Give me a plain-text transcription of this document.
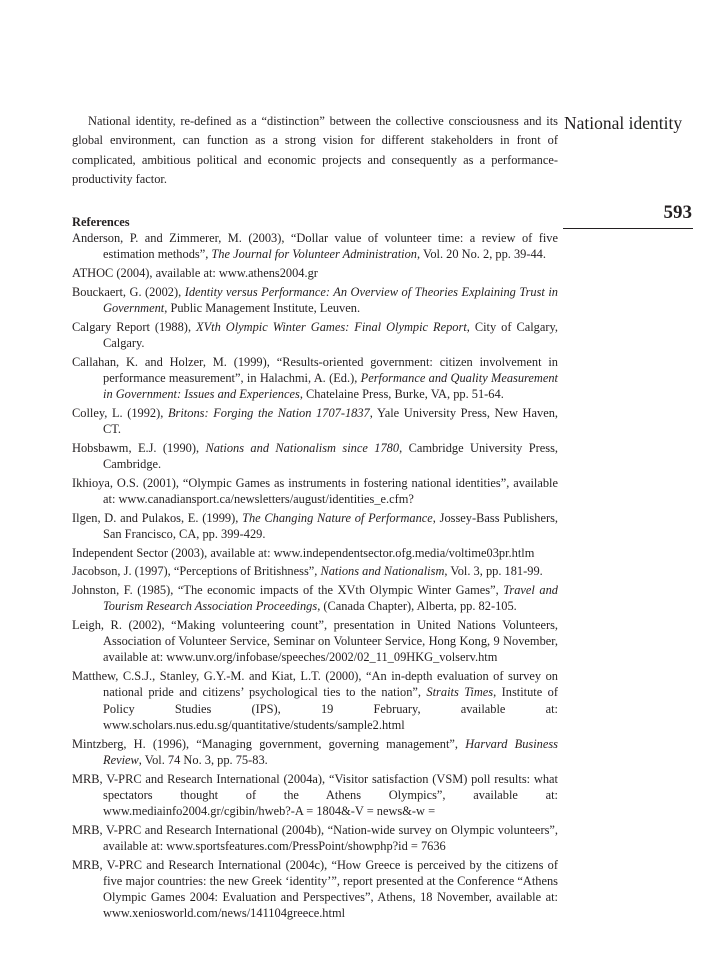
National identity
593

National identity, re-defined as a “distinction” between the collective consciousness and its global environment, can function as a strong vision for different stakeholders in front of complicated, ambitious political and economic projects and consequently as a performance-productivity factor.

References
Anderson, P. and Zimmerer, M. (2003), “Dollar value of volunteer time: a review of five estimation methods”, The Journal for Volunteer Administration, Vol. 20 No. 2, pp. 39-44.
ATHOC (2004), available at: www.athens2004.gr
Bouckaert, G. (2002), Identity versus Performance: An Overview of Theories Explaining Trust in Government, Public Management Institute, Leuven.
Calgary Report (1988), XVth Olympic Winter Games: Final Olympic Report, City of Calgary, Calgary.
Callahan, K. and Holzer, M. (1999), “Results-oriented government: citizen involvement in performance measurement”, in Halachmi, A. (Ed.), Performance and Quality Measurement in Government: Issues and Experiences, Chatelaine Press, Burke, VA, pp. 51-64.
Colley, L. (1992), Britons: Forging the Nation 1707-1837, Yale University Press, New Haven, CT.
Hobsbawm, E.J. (1990), Nations and Nationalism since 1780, Cambridge University Press, Cambridge.
Ikhioya, O.S. (2001), “Olympic Games as instruments in fostering national identities”, available at: www.canadiansport.ca/newsletters/august/identities_e.cfm?
Ilgen, D. and Pulakos, E. (1999), The Changing Nature of Performance, Jossey-Bass Publishers, San Francisco, CA, pp. 399-429.
Independent Sector (2003), available at: www.independentsector.ofg.media/voltime03pr.htlm
Jacobson, J. (1997), “Perceptions of Britishness”, Nations and Nationalism, Vol. 3, pp. 181-99.
Johnston, F. (1985), “The economic impacts of the XVth Olympic Winter Games”, Travel and Tourism Research Association Proceedings, (Canada Chapter), Alberta, pp. 82-105.
Leigh, R. (2002), “Making volunteering count”, presentation in United Nations Volunteers, Association of Volunteer Service, Seminar on Volunteer Service, Hong Kong, 9 November, available at: www.unv.org/infobase/speeches/2002/02_11_09HKG_volserv.htm
Matthew, C.S.J., Stanley, G.Y.-M. and Kiat, L.T. (2000), “An in-depth evaluation of survey on national pride and citizens’ psychological ties to the nation”, Straits Times, Institute of Policy Studies (IPS), 19 February, available at: www.scholars.nus.edu.sg/quantitative/students/sample2.html
Mintzberg, H. (1996), “Managing government, governing management”, Harvard Business Review, Vol. 74 No. 3, pp. 75-83.
MRB, V-PRC and Research International (2004a), “Visitor satisfaction (VSM) poll results: what spectators thought of the Athens Olympics”, available at: www.mediainfo2004.gr/cgibin/hweb?-A = 1804&-V = news&-w =
MRB, V-PRC and Research International (2004b), “Nation-wide survey on Olympic volunteers”, available at: www.sportsfeatures.com/PressPoint/showphp?id = 7636
MRB, V-PRC and Research International (2004c), “How Greece is perceived by the citizens of five major countries: the new Greek ‘identity’”, report presented at the Conference “Athens Olympic Games 2004: Evaluation and Perspectives”, Athens, 18 November, available at: www.xeniosworld.com/news/141104greece.html
